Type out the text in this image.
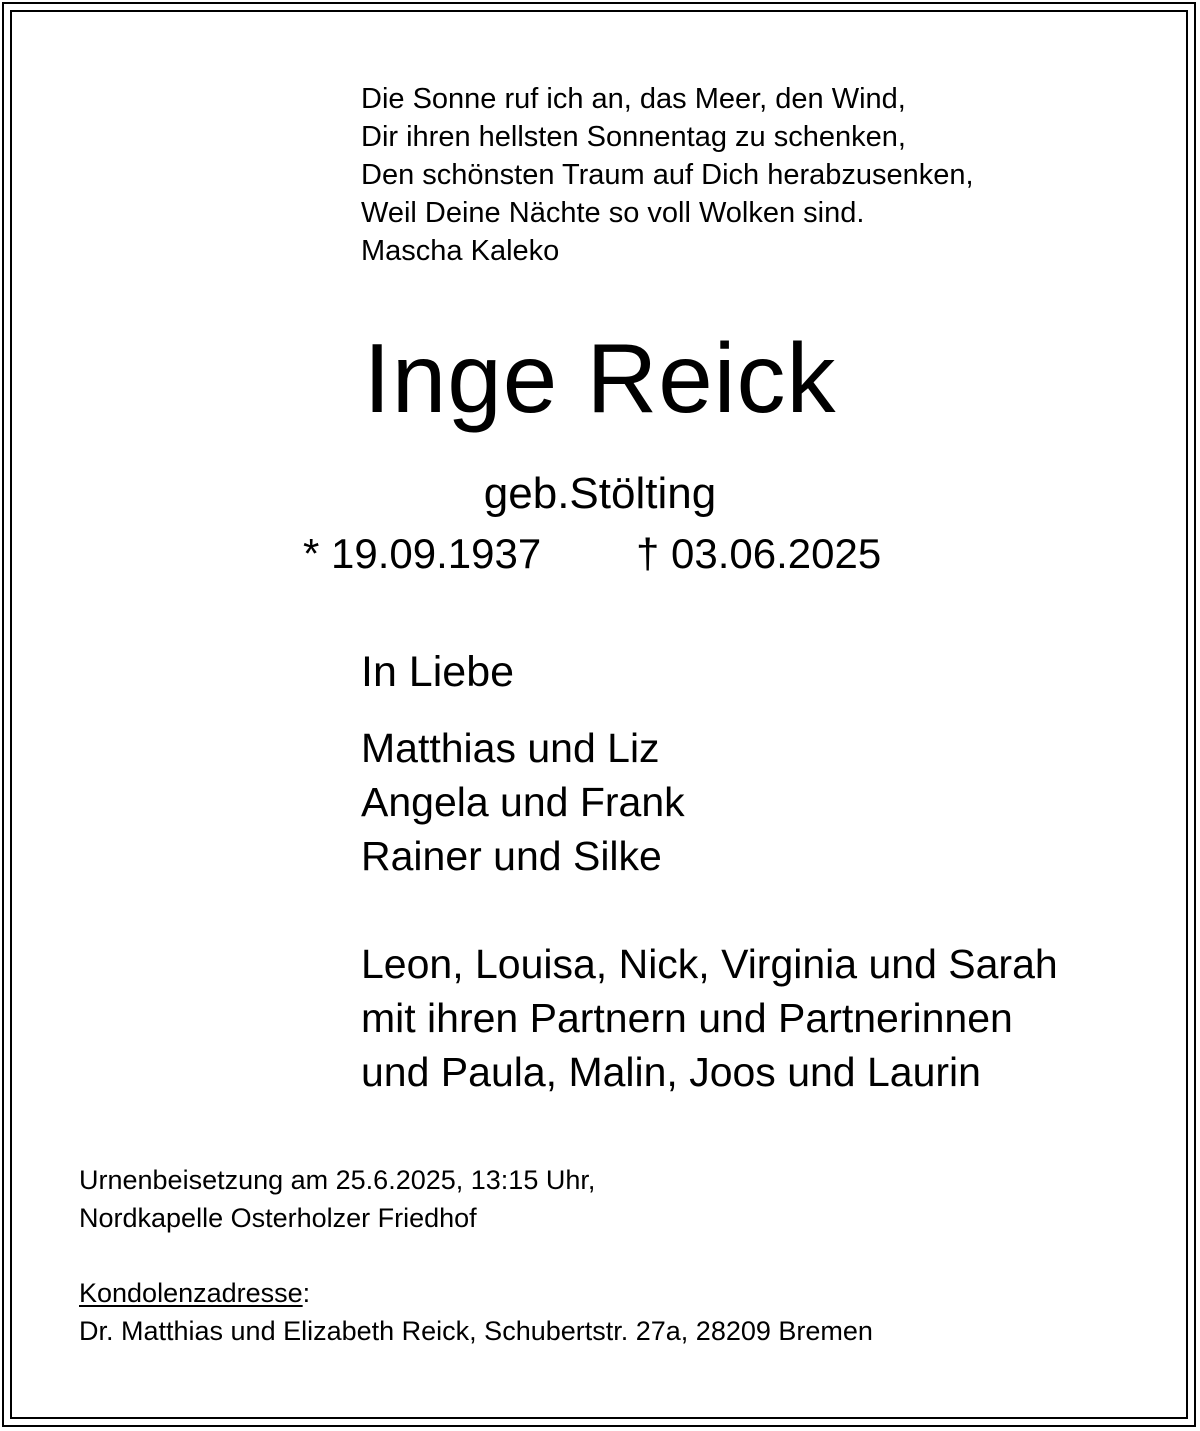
Die Sonne ruf ich an, das Meer, den Wind,
Dir ihren hellsten Sonnentag zu schenken,
Den schönsten Traum auf Dich herabzusenken,
Weil Deine Nächte so voll Wolken sind.
Mascha Kaleko
Inge Reick
geb.Stölting
* 19.09.1937 † 03.06.2025
In Liebe
Matthias und Liz
Angela und Frank
Rainer und Silke
Leon, Louisa, Nick, Virginia und Sarah
mit ihren Partnern und Partnerinnen
und Paula, Malin, Joos und Laurin
Urnenbeisetzung am 25.6.2025, 13:15 Uhr,
Nordkapelle Osterholzer Friedhof
Kondolenzadresse:
Dr. Matthias und Elizabeth Reick, Schubertstr. 27a, 28209 Bremen
